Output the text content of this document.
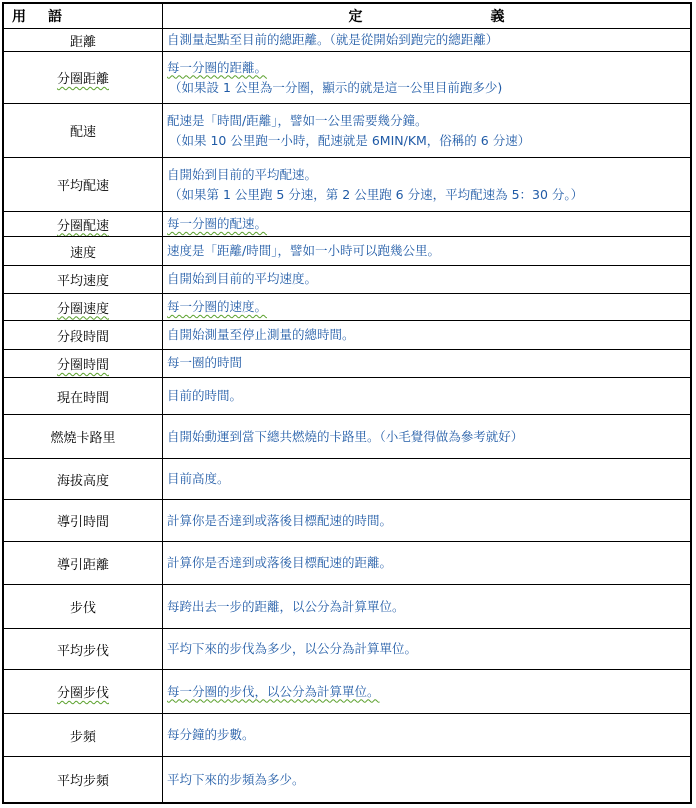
用 語	定 義
距離	自測量起點至目前的總距離。（就是從開始到跑完的總距離）

分圈距離	每一分圈的距離。
（如果設 1 公里為一分圈，顯示的就是這一公里目前跑多少)

配速	配速是「時間/距離」，譬如一公里需要幾分鐘。
（如果 10 公里跑一小時，配速就是 6MIN/KM，俗稱的 6 分速）

平均配速	自開始到目前的平均配速。
（如果第 1 公里跑 5 分速，第 2 公里跑 6 分速，平均配速為 5：30 分。）

分圈配速	每一分圈的配速。

速度	速度是「距離/時間」，譬如一小時可以跑幾公里。

平均速度	自開始到目前的平均速度。

分圈速度	每一分圈的速度。

分段時間	自開始測量至停止測量的總時間。

分圈時間	每一圈的時間

現在時間	目前的時間。

燃燒卡路里	自開始動運到當下總共燃燒的卡路里。（小毛覺得做為參考就好）

海拔高度	目前高度。

導引時間	計算你是否達到或落後目標配速的時間。

導引距離	計算你是否達到或落後目標配速的距離。

步伐	每跨出去一步的距離，以公分為計算單位。

平均步伐	平均下來的步伐為多少，以公分為計算單位。

分圈步伐	每一分圈的步伐，以公分為計算單位。

步頻	每分鐘的步數。

平均步頻	平均下來的步頻為多少。
